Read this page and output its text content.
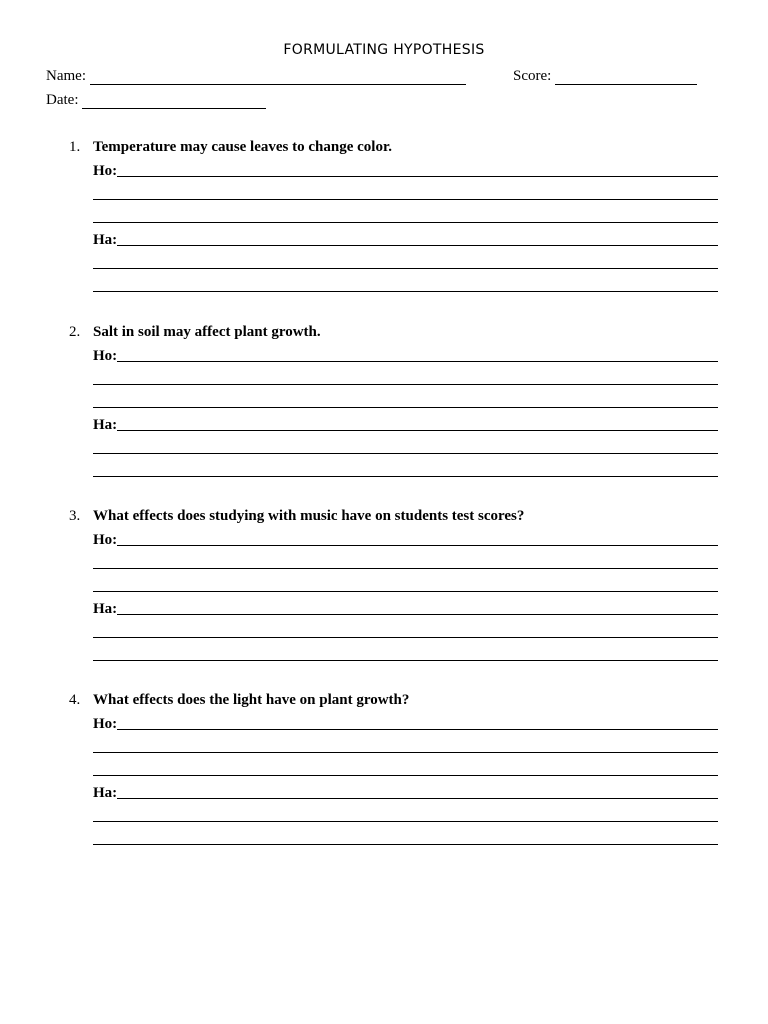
FORMULATING HYPOTHESIS
Name:	Score:
Date:
1. Temperature may cause leaves to change color.
Ho:
Ha:
2. Salt in soil may affect plant growth.
Ho:
Ha:
3. What effects does studying with music have on students test scores?
Ho:
Ha:
4. What effects does the light have on plant growth?
Ho:
Ha:
